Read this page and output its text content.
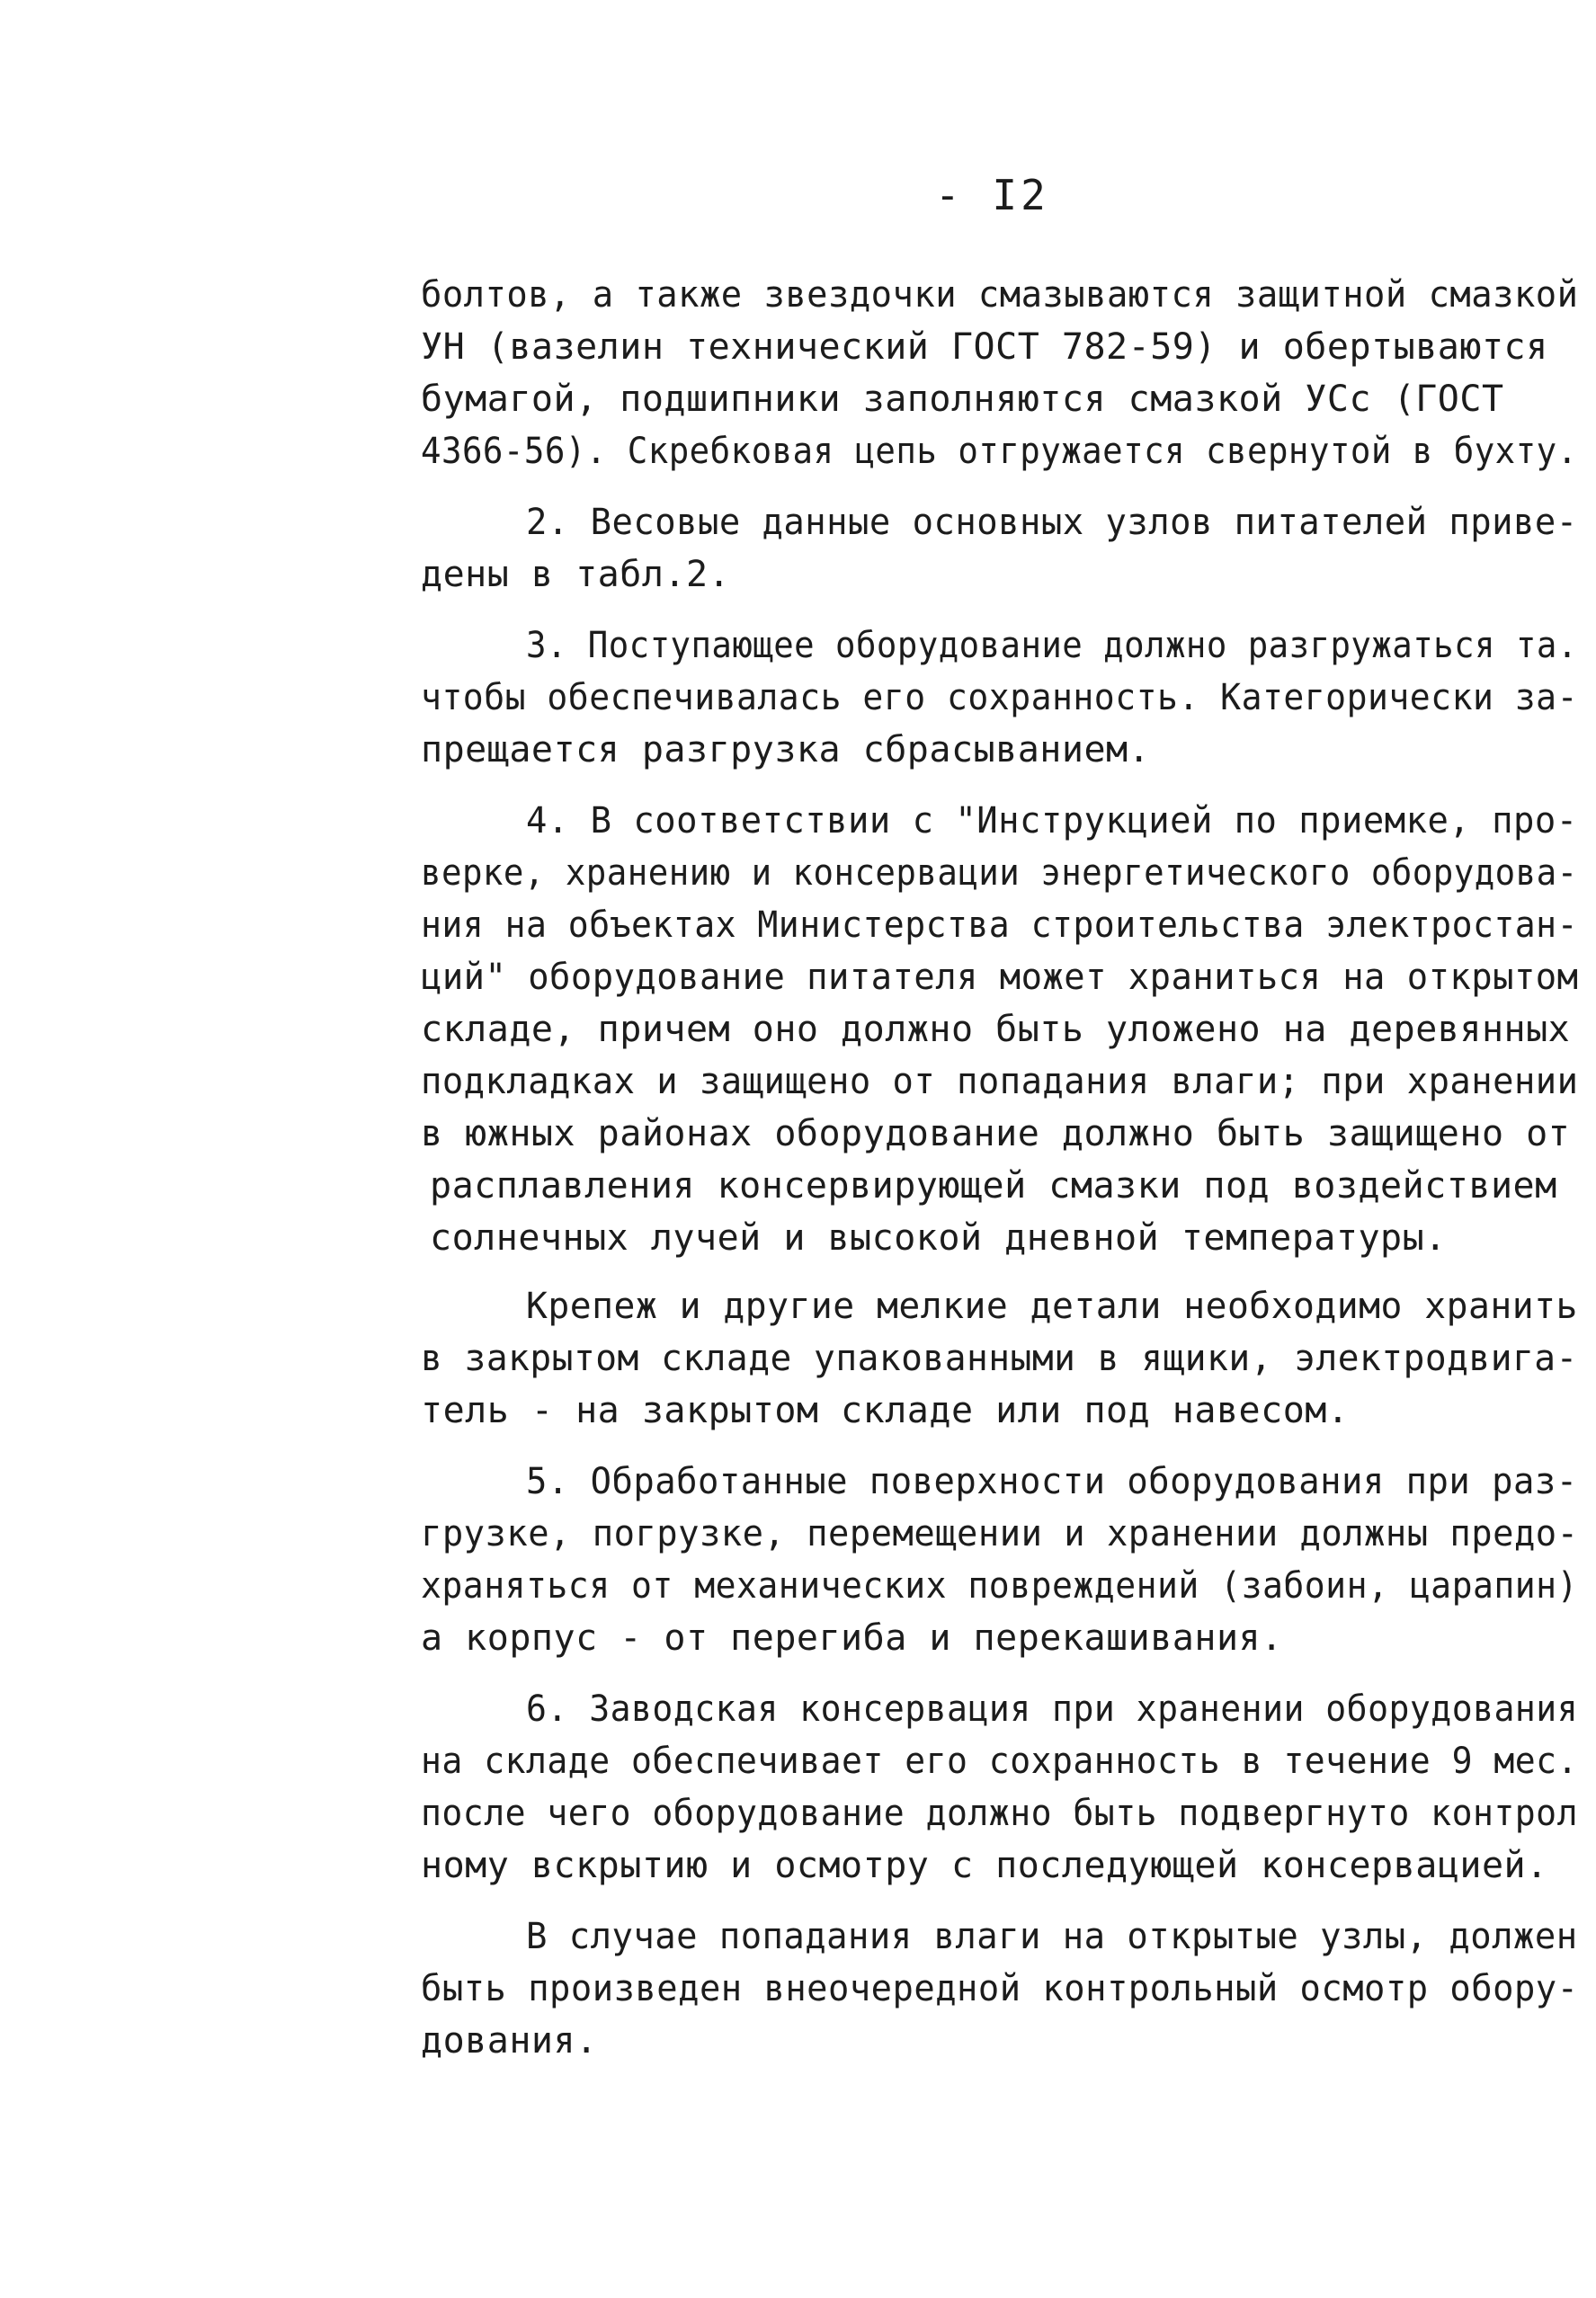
- I2
болтов, а также звездочки смазываются защитной смазкой
УН (вазелин технический ГОСТ 782-59) и обертываются
бумагой, подшипники заполняются смазкой УСс (ГОСТ
4366-56). Скребковая цепь отгружается свернутой в бухту.
2. Весовые данные основных узлов питателей приве-
дены в табл.2.
3. Поступающее оборудование должно разгружаться та.
чтобы обеспечивалась его сохранность. Категорически за-
прещается разгрузка сбрасыванием.
4. В соответствии с "Инструкцией по приемке, про-
верке, хранению и консервации энергетического оборудова-
ния на объектах Министерства строительства электростан-
ций" оборудование питателя может храниться на открытом
складе, причем оно должно быть уложено на деревянных
подкладках и защищено от попадания влаги; при хранении
в южных районах оборудование должно быть защищено от
расплавления консервирующей смазки под воздействием
солнечных лучей и высокой дневной температуры.
Крепеж и другие мелкие детали необходимо хранить
в закрытом складе упакованными в ящики, электродвига-
тель - на закрытом складе или под навесом.
5. Обработанные поверхности оборудования при раз-
грузке, погрузке, перемещении и хранении должны предо-
храняться от механических повреждений (забоин, царапин)
а корпус - от перегиба и перекашивания.
6. Заводская консервация при хранении оборудования
на складе обеспечивает его сохранность в течение 9 мес.
после чего оборудование должно быть подвергнуто контрол
ному вскрытию и осмотру с последующей консервацией.
В случае попадания влаги на открытые узлы, должен
быть произведен внеочередной контрольный осмотр обору-
дования.
